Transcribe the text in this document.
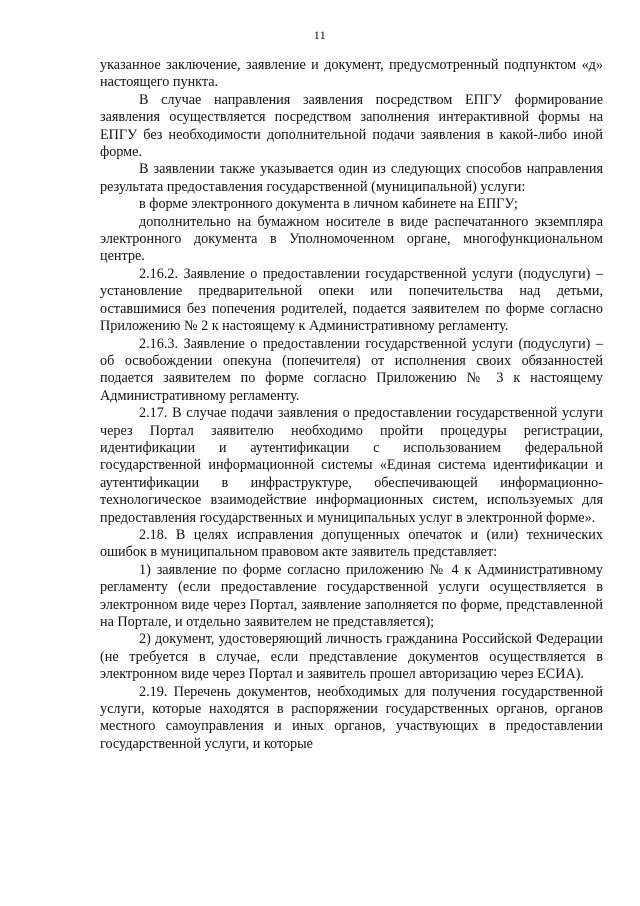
11

указанное заключение, заявление и документ, предусмотренный подпунктом «д» настоящего пункта.

В случае направления заявления посредством ЕПГУ формирование заявления осуществляется посредством заполнения интерактивной формы на ЕПГУ без необходимости дополнительной подачи заявления в какой-либо иной форме.

В заявлении также указывается один из следующих способов направления результата предоставления государственной (муниципальной) услуги:

в форме электронного документа в личном кабинете на ЕПГУ;

дополнительно на бумажном носителе в виде распечатанного экземпляра электронного документа в Уполномоченном органе, многофункциональном центре.

2.16.2. Заявление о предоставлении государственной услуги (подуслуги) – установление предварительной опеки или попечительства над детьми, оставшимися без попечения родителей, подается заявителем по форме согласно Приложению № 2 к настоящему к Административному регламенту.

2.16.3. Заявление о предоставлении государственной услуги (подуслуги) – об освобождении опекуна (попечителя) от исполнения своих обязанностей подается заявителем по форме согласно Приложению № 3 к настоящему Административному регламенту.

2.17. В случае подачи заявления о предоставлении государственной услуги через Портал заявителю необходимо пройти процедуры регистрации, идентификации и аутентификации с использованием федеральной государственной информационной системы «Единая система идентификации и аутентификации в инфраструктуре, обеспечивающей информационно-технологическое взаимодействие информационных систем, используемых для предоставления государственных и муниципальных услуг в электронной форме».

2.18. В целях исправления допущенных опечаток и (или) технических ошибок в муниципальном правовом акте заявитель представляет:

1) заявление по форме согласно приложению № 4 к Административному регламенту (если предоставление государственной услуги осуществляется в электронном виде через Портал, заявление заполняется по форме, представленной на Портале, и отдельно заявителем не представляется);

2) документ, удостоверяющий личность гражданина Российской Федерации (не требуется в случае, если представление документов осуществляется в электронном виде через Портал и заявитель прошел авторизацию через ЕСИА).

2.19. Перечень документов, необходимых для получения государственной услуги, которые находятся в распоряжении государственных органов, органов местного самоуправления и иных органов, участвующих в предоставлении государственной услуги, и которые
